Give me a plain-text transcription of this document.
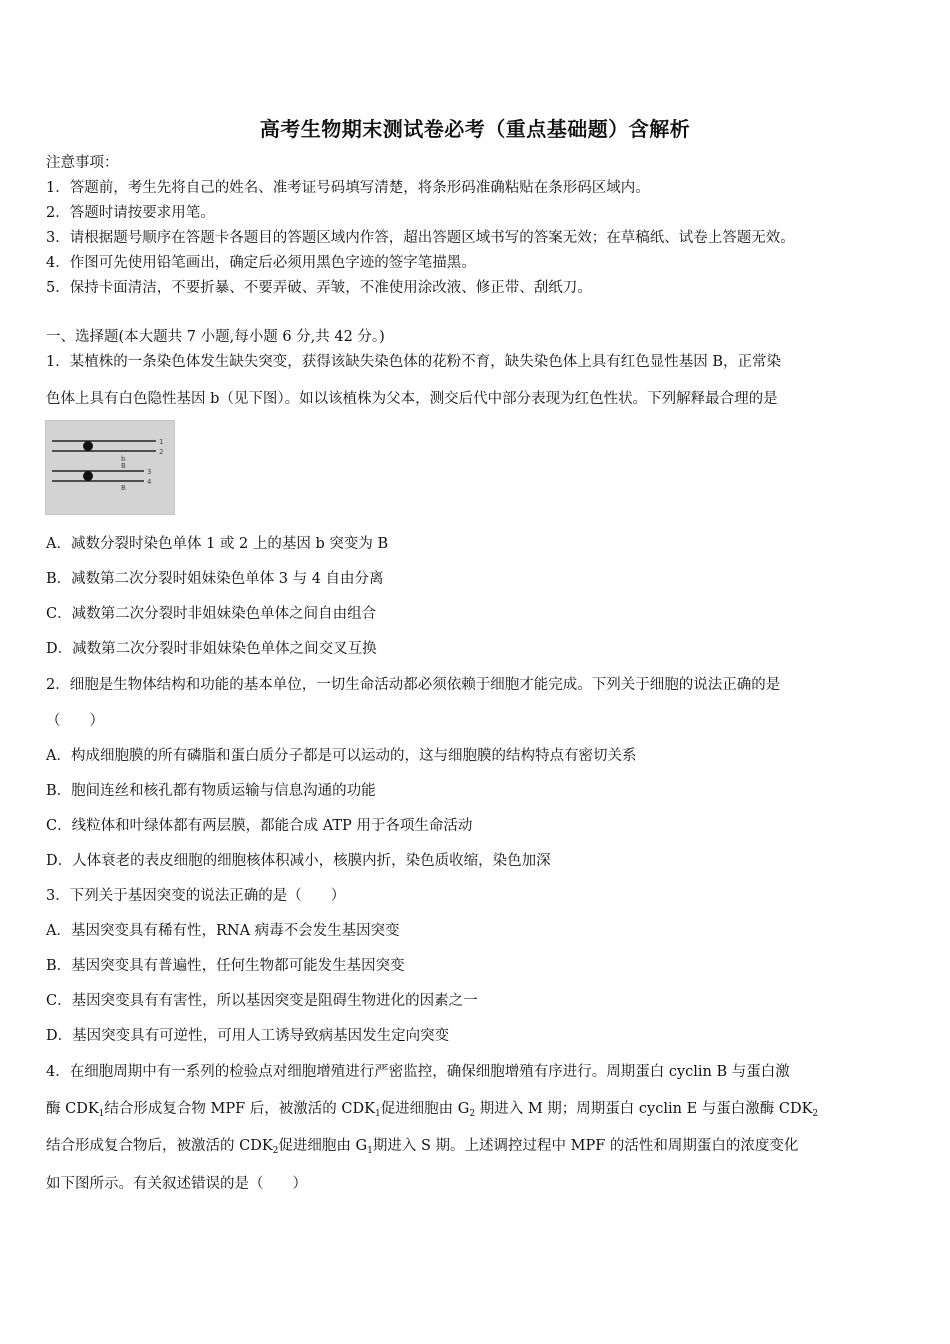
高考生物期末测试卷必考（重点基础题）含解析
注意事项：
1．答题前，考生先将自己的姓名、准考证号码填写清楚，将条形码准确粘贴在条形码区域内。
2．答题时请按要求用笔。
3．请根据题号顺序在答题卡各题目的答题区域内作答，超出答题区域书写的答案无效；在草稿纸、试卷上答题无效。
4．作图可先使用铅笔画出，确定后必须用黑色字迹的签字笔描黑。
5．保持卡面清洁，不要折暴、不要弄破、弄皱，不准使用涂改液、修正带、刮纸刀。
一、选择题(本大题共 7 小题,每小题 6 分,共 42 分。)
1．某植株的一条染色体发生缺失突变，获得该缺失染色体的花粉不育，缺失染色体上具有红色显性基因 B，正常染
色体上具有白色隐性基因 b（见下图）。如以该植株为父本，测交后代中部分表现为红色性状。下列解释最合理的是
1
2
b
B
3
4
B
A．减数分裂时染色单体 1 或 2 上的基因 b 突变为 B
B．减数第二次分裂时姐妹染色单体 3 与 4 自由分离
C．减数第二次分裂时非姐妹染色单体之间自由组合
D．减数第二次分裂时非姐妹染色单体之间交叉互换
2．细胞是生物体结构和功能的基本单位，一切生命活动都必须依赖于细胞才能完成。下列关于细胞的说法正确的是
（　　）
A．构成细胞膜的所有磷脂和蛋白质分子都是可以运动的，这与细胞膜的结构特点有密切关系
B．胞间连丝和核孔都有物质运输与信息沟通的功能
C．线粒体和叶绿体都有两层膜，都能合成 ATP 用于各项生命活动
D．人体衰老的表皮细胞的细胞核体积减小，核膜内折，染色质收缩，染色加深
3．下列关于基因突变的说法正确的是（　　）
A．基因突变具有稀有性，RNA 病毒不会发生基因突变
B．基因突变具有普遍性，任何生物都可能发生基因突变
C．基因突变具有有害性，所以基因突变是阻碍生物进化的因素之一
D．基因突变具有可逆性，可用人工诱导致病基因发生定向突变
4．在细胞周期中有一系列的检验点对细胞增殖进行严密监控，确保细胞增殖有序进行。周期蛋白 cyclin B 与蛋白激
酶 $CDK_1$结合形成复合物 MPF 后，被激活的 $CDK_1$促进细胞由 $G_2$ 期进入 M 期；周期蛋白 cyclin E 与蛋白激酶 $CDK_2$
结合形成复合物后，被激活的 $CDK_2$促进细胞由 $G_1$期进入 S 期。上述调控过程中 MPF 的活性和周期蛋白的浓度变化
如下图所示。有关叙述错误的是（　　）
